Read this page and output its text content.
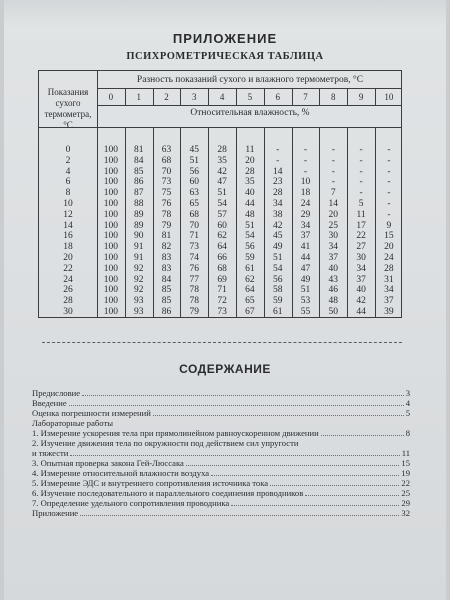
ПРИЛОЖЕНИЕ
ПСИХРОМЕТРИЧЕСКАЯ ТАБЛИЦА
Показания
сухого
термометра,
°С
Разность показаний сухого и влажного термометров, °С
Относительная влажность, %
0	1	2	3	4	5	6	7	8	9	10
0	100	81	63	45	28	11	-	-	-	-	-
2	100	84	68	51	35	20	-	-	-	-	-
4	100	85	70	56	42	28	14	-	-	-	-
6	100	86	73	60	47	35	23	10	-	-	-
8	100	87	75	63	51	40	28	18	7	-	-
10	100	88	76	65	54	44	34	24	14	5	-
12	100	89	78	68	57	48	38	29	20	11	-
14	100	89	79	70	60	51	42	34	25	17	9
16	100	90	81	71	62	54	45	37	30	22	15
18	100	91	82	73	64	56	49	41	34	27	20
20	100	91	83	74	66	59	51	44	37	30	24
22	100	92	83	76	68	61	54	47	40	34	28
24	100	92	84	77	69	62	56	49	43	37	31
26	100	92	85	78	71	64	58	51	46	40	34
28	100	93	85	78	72	65	59	53	48	42	37
30	100	93	86	79	73	67	61	55	50	44	39
СОДЕРЖАНИЕ
Предисловие	3
Введение	4
Оценка погрешности измерений	5
Лабораторные работы
1. Измерение ускорения тела при прямолинейном равноускоренном движении	8
2. Изучение движения тела по окружности под действием сил упругости
и тяжести	11
3. Опытная проверка закона Гей-Люссака	15
4. Измерение относительной влажности воздуха	19
5. Измерение ЭДС и внутреннего сопротивления источника тока	22
6. Изучение последовательного и параллельного соединения проводников	25
7. Определение удельного сопротивления проводника	29
Приложение	32
